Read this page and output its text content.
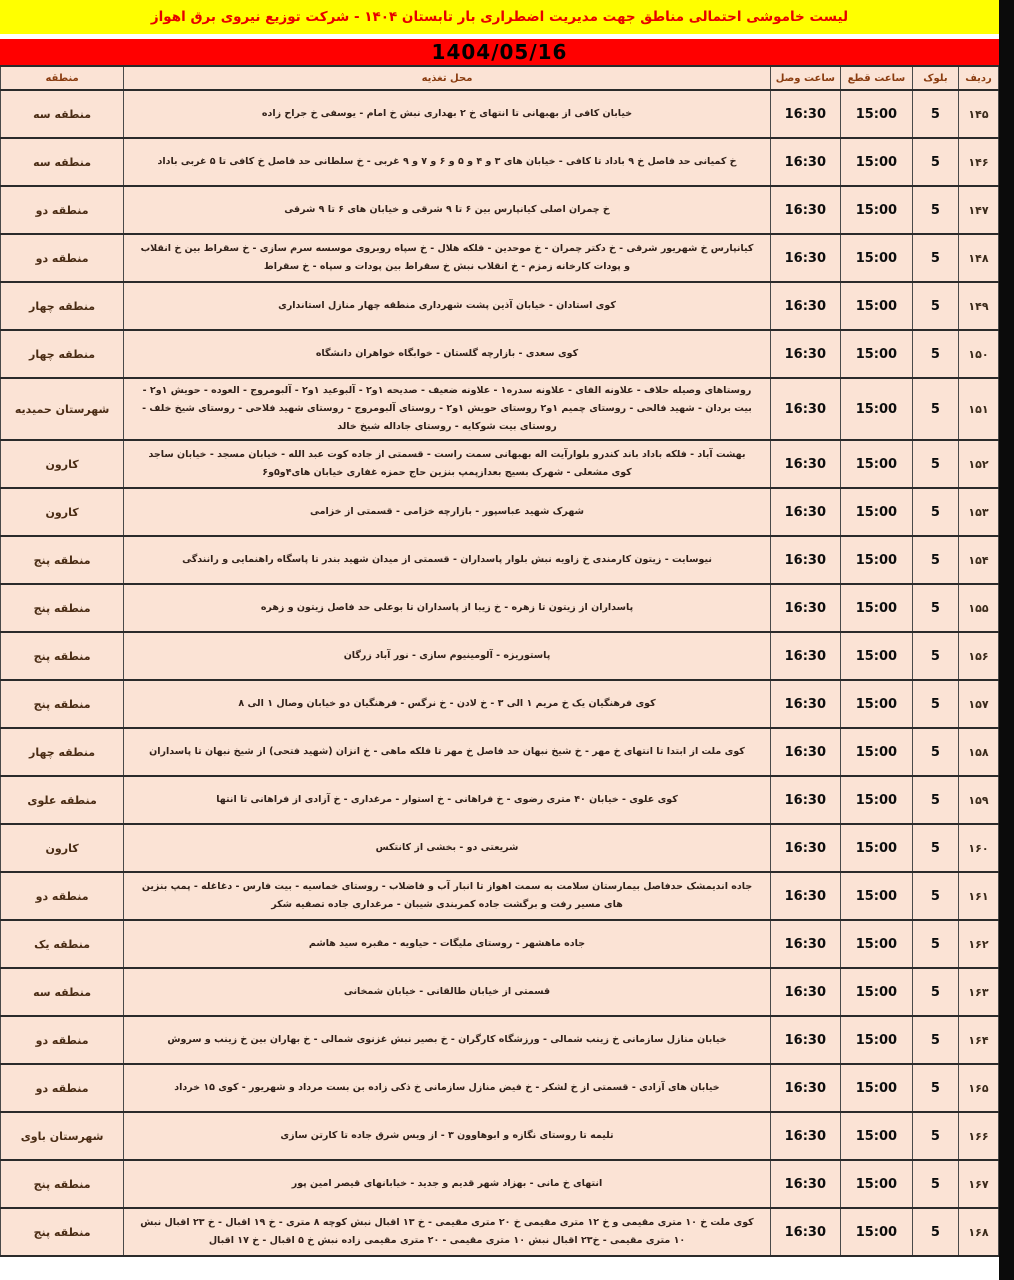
لیست خاموشی احتمالی مناطق جهت مدیریت اضطراری بار تابستان ۱۴۰۴ - شرکت توزیع نیروی برق اهواز
1404/05/16
ردیف	بلوک	ساعت قطع	ساعت وصل	محل تغذیه	منطقه
۱۴۵	5	15:00	16:30	خیابان کافی از بهبهانی تا انتهای خ ۲ بهداری نبش خ امام - یوسفی خ جراح زاده	منطقه سه
۱۴۶	5	15:00	16:30	خ کمیانی حد فاصل خ ۹ باداد تا کافی - خیابان های ۳ و ۴ و ۵ و ۶ و ۷ و ۹ غربی - خ سلطانی حد فاصل خ کافی تا ۵ غربی باداد	منطقه سه
۱۴۷	5	15:00	16:30	خ چمران اصلی کیانپارس بین ۶ تا ۹ شرقی و خیابان های ۶ تا ۹ شرقی	منطقه دو
۱۴۸	5	15:00	16:30	کیانپارس خ شهریور شرقی - خ دکتر چمران - خ موحدین - فلکه هلال - خ سپاه روبروی موسسه سرم سازی - خ سقراط بین خ انقلاب و پودات کارخانه زمزم - خ انقلاب نبش خ سقراط بین پودات و سپاه - خ سقراط	منطقه دو
۱۴۹	5	15:00	16:30	کوی استادان - خیابان آذین پشت شهرداری منطقه چهار منازل استانداری	منطقه چهار
۱۵۰	5	15:00	16:30	کوی سعدی - بازارچه گلستان - خوابگاه خواهران دانشگاه	منطقه چهار
۱۵۱	5	15:00	16:30	روستاهای وصیله حلاف - علاونه الفای - علاونه سدره۱ - علاونه ضعیف - صدیحه ۱و۲ - آلبوعید ۱و۲ - آلبومروج - العوده - حویش ۱و۲ - بیت بردان - شهید فالحی - روستای چمیم ۱و۲ روستای حویش ۱و۲ - روستای آلبومروج - روستای شهید فلاحی - روستای شیخ خلف - روستای بیت شوکایه - روستای جاداله شیخ خالد	شهرستان حمیدیه
۱۵۲	5	15:00	16:30	بهشت آباد - فلکه باداد باند کندرو بلوارآیت اله بهبهانی سمت راست - قسمتی از جاده کوت عبد الله - خیابان مسجد - خیابان ساجد کوی مشعلی - شهرک بسیج بعدازپمپ بنزین حاج حمزه غفاری خیابان های۴و۵و۶	کارون
۱۵۳	5	15:00	16:30	شهرک شهید عباسپور - بازارچه خزامی - قسمتی از خزامی	کارون
۱۵۴	5	15:00	16:30	نیوسایت - زیتون کارمندی خ زاویه نبش بلوار پاسداران - قسمتی از میدان شهید بندر تا پاسگاه راهنمایی و رانندگی	منطقه پنج
۱۵۵	5	15:00	16:30	پاسداران از زیتون تا زهره - خ زیبا از پاسداران تا بوعلی حد فاصل زیتون و زهره	منطقه پنج
۱۵۶	5	15:00	16:30	پاستوریزه - آلومینیوم سازی - نور آباد زرگان	منطقه پنج
۱۵۷	5	15:00	16:30	کوی فرهنگیان یک خ مریم ۱ الی ۳ - خ لادن - خ نرگس - فرهنگیان دو خیابان وصال ۱ الی ۸	منطقه پنج
۱۵۸	5	15:00	16:30	کوی ملت از ابتدا تا انتهای خ مهر - خ شیخ نبهان حد فاصل خ مهر تا فلکه ماهی - خ انزان (شهید فتحی) از شیخ نبهان تا پاسداران	منطقه چهار
۱۵۹	5	15:00	16:30	کوی علوی - خیابان ۴۰ متری رضوی - خ فراهانی - خ استوار - مرغداری - خ آزادی از فراهانی تا انتها	منطقه علوی
۱۶۰	5	15:00	16:30	شریعتی دو - بخشی از کانتکس	کارون
۱۶۱	5	15:00	16:30	جاده اندیمشک حدفاصل بیمارستان سلامت به سمت اهواز تا انبار آب و فاضلاب - روستای خماسیه - بیت فارس - دغاغله - پمپ بنزین های مسیر رفت و برگشت جاده کمربندی شیبان - مرغداری جاده تصفیه شکر	منطقه دو
۱۶۲	5	15:00	16:30	جاده ماهشهر - روستای ملیگات - حیاویه - مقبره سید هاشم	منطقه یک
۱۶۳	5	15:00	16:30	قسمتی از خیابان طالقانی - خیابان شمخانی	منطقه سه
۱۶۴	5	15:00	16:30	خیابان منازل سازمانی خ زینب شمالی - ورزشگاه کارگران - خ بصیر نبش غزنوی شمالی - خ بهاران بین خ زینب و سروش	منطقه دو
۱۶۵	5	15:00	16:30	خیابان های آزادی - قسمتی از خ لشکر - خ فیض منازل سازمانی خ ذکی زاده بن بست مرداد و شهریور - کوی ۱۵ خرداد	منطقه دو
۱۶۶	5	15:00	16:30	تلیمه تا روستای نگازه و ابوهاوون ۳ - از ویس شرق جاده تا کارتن سازی	شهرستان باوی
۱۶۷	5	15:00	16:30	انتهای خ مانی - بهزاد شهر قدیم و جدید - خیابانهای قیصر امین پور	منطقه پنج
۱۶۸	5	15:00	16:30	کوی ملت خ ۱۰ متری مقیمی و خ ۱۲ متری مقیمی خ ۲۰ متری مقیمی - خ ۱۳ اقبال نبش کوچه ۸ متری - خ ۱۹ اقبال - خ ۲۳ اقبال نبش ۱۰ متری مقیمی - خ۲۳ اقبال نبش ۱۰ متری مقیمی - ۲۰ متری مقیمی زاده نبش خ ۵ اقبال - خ ۱۷ اقبال	منطقه پنج
